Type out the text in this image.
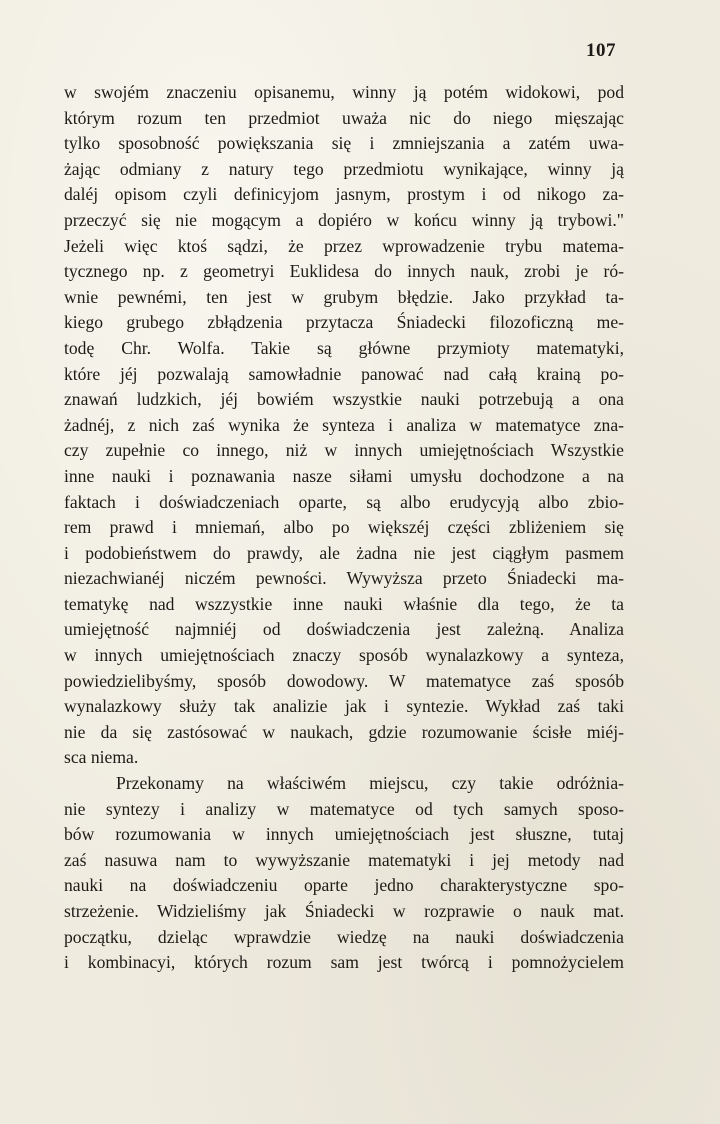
107
w swojém znaczeniu opisanemu, winny ją potém widokowi, pod
którym rozum ten przedmiot uważa nic do niego mięszając
tylko sposobność powiększania się i zmniejszania a zatém uwa-
żając odmiany z natury tego przedmiotu wynikające, winny ją
daléj opisom czyli definicyjom jasnym, prostym i od nikogo za-
przeczyć się nie mogącym a dopiéro w końcu winny ją trybowi."
Jeżeli więc ktoś sądzi, że przez wprowadzenie trybu matema-
tycznego np. z geometryi Euklidesa do innych nauk, zrobi je ró-
wnie pewnémi, ten jest w grubym błędzie. Jako przykład ta-
kiego grubego zbłądzenia przytacza Śniadecki filozoficzną me-
todę Chr. Wolfa. Takie są główne przymioty matematyki,
które jéj pozwalają samowładnie panować nad całą krainą po-
znawań ludzkich, jéj bowiém wszystkie nauki potrzebują a ona
żadnéj, z nich zaś wynika że synteza i analiza w matematyce zna-
czy zupełnie co innego, niż w innych umiejętnościach Wszystkie
inne nauki i poznawania nasze siłami umysłu dochodzone a na
faktach i doświadczeniach oparte, są albo erudycyją albo zbio-
rem prawd i mniemań, albo po większéj części zbliżeniem się
i podobieństwem do prawdy, ale żadna nie jest ciągłym pasmem
niezachwianéj niczém pewności. Wywyższa przeto Śniadecki ma-
tematykę nad wszzystkie inne nauki właśnie dla tego, że ta
umiejętność najmniéj od doświadczenia jest zależną. Analiza
w innych umiejętnościach znaczy sposób wynalazkowy a synteza,
powiedzielibyśmy, sposób dowodowy. W matematyce zaś sposób
wynalazkowy służy tak analizie jak i syntezie. Wykład zaś taki
nie da się zastósować w naukach, gdzie rozumowanie ścisłe miéj-
sca niema.
Przekonamy na właściwém miejscu, czy takie odróżnia-
nie syntezy i analizy w matematyce od tych samych sposo-
bów rozumowania w innych umiejętnościach jest słuszne, tutaj
zaś nasuwa nam to wywyższanie matematyki i jej metody nad
nauki na doświadczeniu oparte jedno charakterystyczne spo-
strzeżenie. Widzieliśmy jak Śniadecki w rozprawie o nauk mat.
początku, dzieląc wprawdzie wiedzę na nauki doświadczenia
i kombinacyi, których rozum sam jest twórcą i pomnożycielem
